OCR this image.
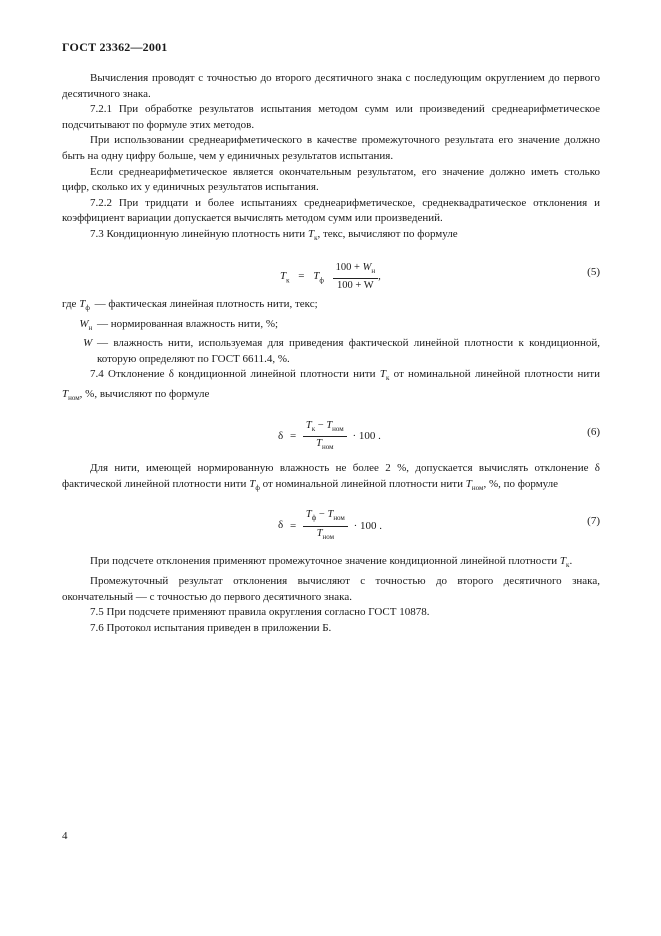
ГОСТ 23362—2001

Вычисления проводят с точностью до второго десятичного знака с последующим округлением до первого десятичного знака.

7.2.1 При обработке результатов испытания методом сумм или произведений среднеарифметическое подсчитывают по формуле этих методов.

При использовании среднеарифметического в качестве промежуточного результата его значение должно быть на одну цифру больше, чем у единичных результатов испытания.

Если среднеарифметическое является окончательным результатом, его значение должно иметь столько цифр, сколько их у единичных результатов испытания.

7.2.2 При тридцати и более испытаниях среднеарифметическое, среднеквадратическое отклонения и коэффициент вариации допускается вычислять методом сумм или произведений.

7.3 Кондиционную линейную плотность нити $T_к$, текс, вычисляют по формуле

$T_к = T_ф \frac{100 + W_н}{100 + W}$ ,	(5)
где $T_ф$ — фактическая линейная плотность нити, текс;
$W_н$ — нормированная влажность нити, %;
W — влажность нити, используемая для приведения фактической линейной плотности к кондиционной, которую определяют по ГОСТ 6611.4, %.

7.4 Отклонение δ кондиционной линейной плотности нити $T_к$ от номинальной линейной плотности нити $T_{ном}$, %, вычисляют по формуле

$\delta = \frac{T_к - T_{ном}}{T_{ном}} \cdot 100$ .	(6)

Для нити, имеющей нормированную влажность не более 2 %, допускается вычислять отклонение δ фактической линейной плотности нити $T_ф$ от номинальной линейной плотности нити $T_{ном}$, %, по формуле

$\delta = \frac{T_ф - T_{ном}}{T_{ном}} \cdot 100$ .	(7)

При подсчете отклонения применяют промежуточное значение кондиционной линейной плотности $T_к$.

Промежуточный результат отклонения вычисляют с точностью до второго десятичного знака, окончательный — с точностью до первого десятичного знака.

7.5 При подсчете применяют правила округления согласно ГОСТ 10878.

7.6 Протокол испытания приведен в приложении Б.

4
